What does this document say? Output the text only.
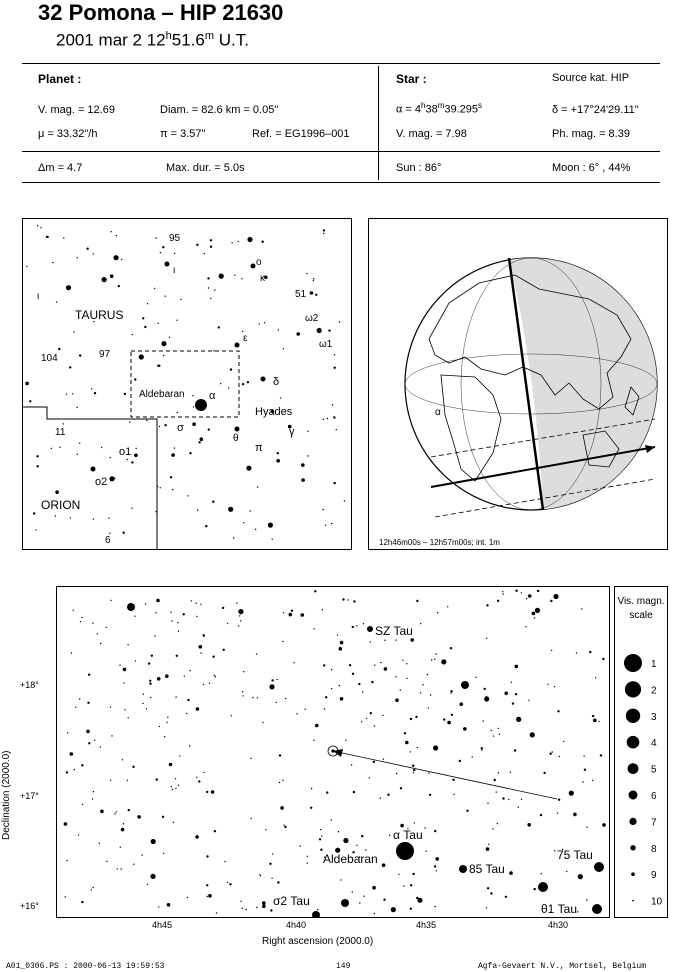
32 Pomona – HIP 21630
2001 mar 2 12$^h$51.6$^m$ U.T.
Planet :
V. mag. = 12.69	Diam. = 82.6 km = 0.05"
μ = 33.32"/h	π = 3.57"	Ref. = EG1996–001
Star :	Source kat. HIP
$\alpha = 4^h38^m39.295^s$	δ = +17°24'29.11"
V. mag. = 7.98	Ph. mag. = 8.39
Δm = 4.7	Max. dur. = 5.0s	Sun : 86°	Moon : 6° , 44%
95
ι
ο
κ
51
ω2
ω1
ι
TAURUS
104	97
ε
δ
Aldebaran α
Hyades
σ
θ
γ
π
11
o1
o2
ORION
6
α
12h46m00s – 12h57m00s; int. 1m
SZ Tau
α Tau
Aldebaran
85 Tau
75 Tau
σ2 Tau
θ1 Tau
+18°
+17°
+16°
Declination (2000.0)
4h45	4h40	4h35	4h30
Right ascension (2000.0)
Vis. magn. scale
1
2
3
4
5
6
7
8
9
10
A01_0306.PS : 2000-06-13 19:59:53	149	Agfa-Gevaert N.V., Mortsel, Belgium
